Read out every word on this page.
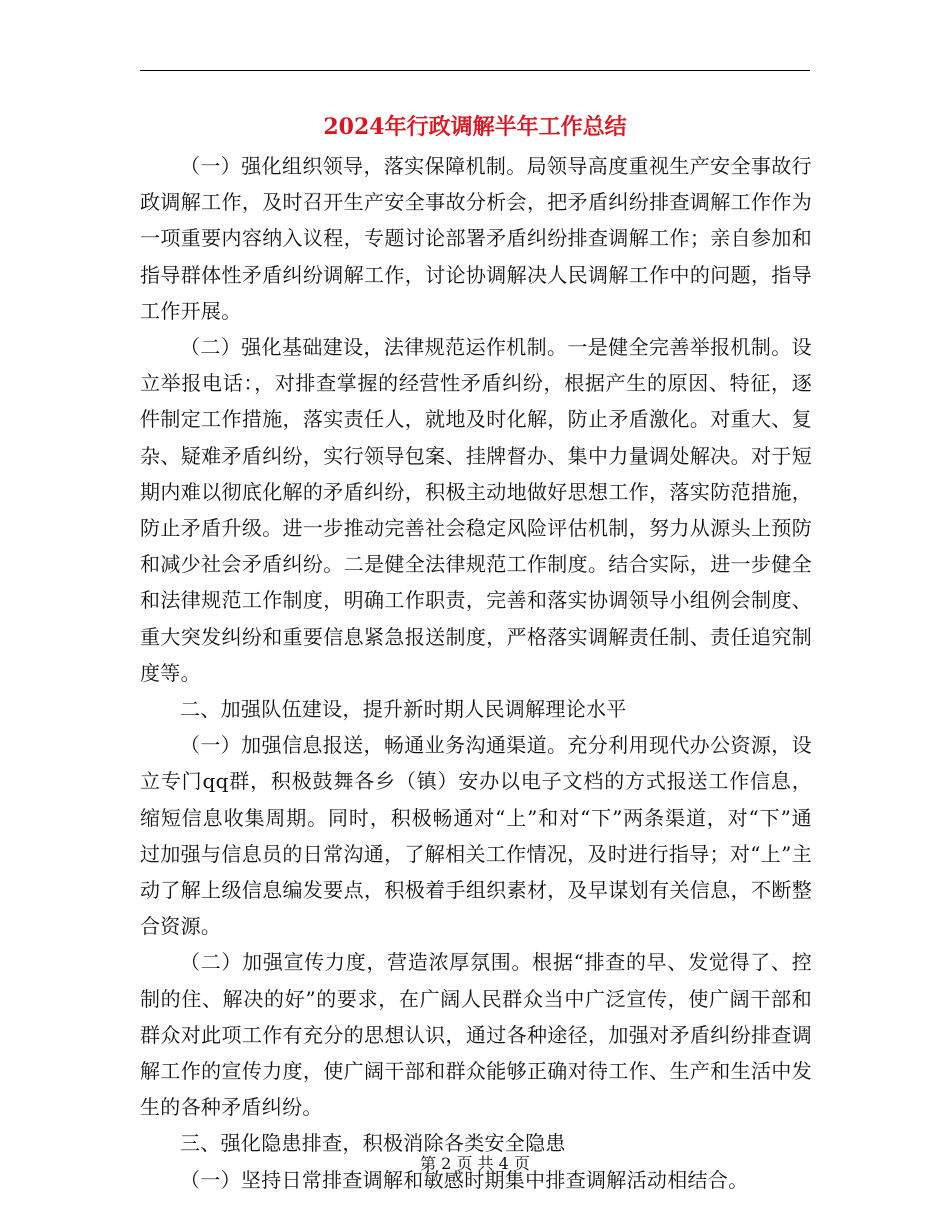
2024年行政调解半年工作总结

（一）强化组织领导，落实保障机制。局领导高度重视生产安全事故行政调解工作，及时召开生产安全事故分析会，把矛盾纠纷排查调解工作作为一项重要内容纳入议程，专题讨论部署矛盾纠纷排查调解工作；亲自参加和指导群体性矛盾纠纷调解工作，讨论协调解决人民调解工作中的问题，指导工作开展。

（二）强化基础建设，法律规范运作机制。一是健全完善举报机制。设立举报电话：，对排查掌握的经营性矛盾纠纷，根据产生的原因、特征，逐件制定工作措施，落实责任人，就地及时化解，防止矛盾激化。对重大、复杂、疑难矛盾纠纷，实行领导包案、挂牌督办、集中力量调处解决。对于短期内难以彻底化解的矛盾纠纷，积极主动地做好思想工作，落实防范措施，防止矛盾升级。进一步推动完善社会稳定风险评估机制，努力从源头上预防和减少社会矛盾纠纷。二是健全法律规范工作制度。结合实际，进一步健全和法律规范工作制度，明确工作职责，完善和落实协调领导小组例会制度、重大突发纠纷和重要信息紧急报送制度，严格落实调解责任制、责任追究制度等。

二、加强队伍建设，提升新时期人民调解理论水平

（一）加强信息报送，畅通业务沟通渠道。充分利用现代办公资源，设立专门qq群，积极鼓舞各乡（镇）安办以电子文档的方式报送工作信息，缩短信息收集周期。同时，积极畅通对“上”和对“下”两条渠道，对“下”通过加强与信息员的日常沟通，了解相关工作情况，及时进行指导；对“上”主动了解上级信息编发要点，积极着手组织素材，及早谋划有关信息，不断整合资源。

（二）加强宣传力度，营造浓厚氛围。根据“排查的早、发觉得了、控制的住、解决的好”的要求，在广阔人民群众当中广泛宣传，使广阔干部和群众对此项工作有充分的思想认识，通过各种途径，加强对矛盾纠纷排查调解工作的宣传力度，使广阔干部和群众能够正确对待工作、生产和生活中发生的各种矛盾纠纷。

三、强化隐患排查，积极消除各类安全隐患

（一）坚持日常排查调解和敏感时期集中排查调解活动相结合。

第 2 页 共 4 页
